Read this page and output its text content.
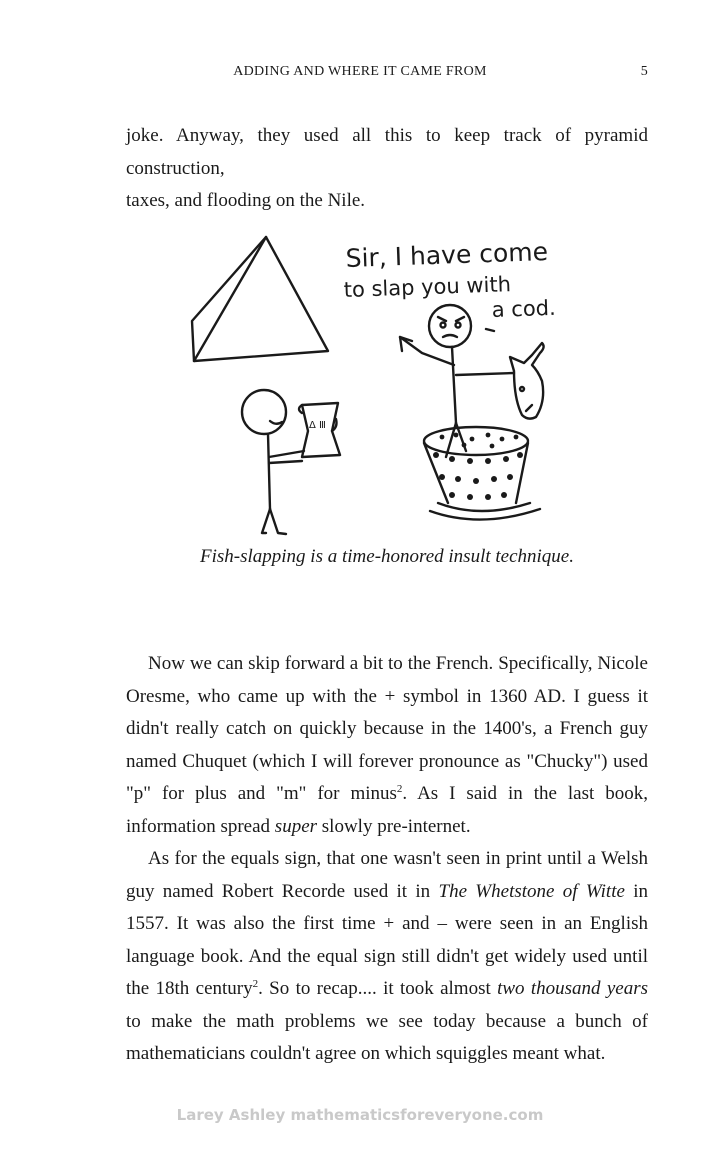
ADDING AND WHERE IT CAME FROM	5

joke. Anyway, they used all this to keep track of pyramid construction,

taxes, and flooding on the Nile.

Δ Ⅲ
Sir, I have come
to slap you with
a cod.
Fish-slapping is a time-honored insult technique.

Now we can skip forward a bit to the French. Specifically, Nicole Oresme, who came up with the + symbol in 1360 AD. I guess it didn't really catch on quickly because in the 1400's, a French guy named Chuquet (which I will forever pronounce as "Chucky") used "p" for plus and "m" for minus$^2$. As I said in the last book, information spread super slowly pre-internet.

As for the equals sign, that one wasn't seen in print until a Welsh guy named Robert Recorde used it in The Whetstone of Witte in 1557. It was also the first time + and – were seen in an English language book. And the equal sign still didn't get widely used until the 18th century$^2$. So to recap.... it took almost two thousand years to make the math problems we see today because a bunch of mathematicians couldn't agree on which squiggles meant what.

Larey Ashley mathematicsforeveryone.com
